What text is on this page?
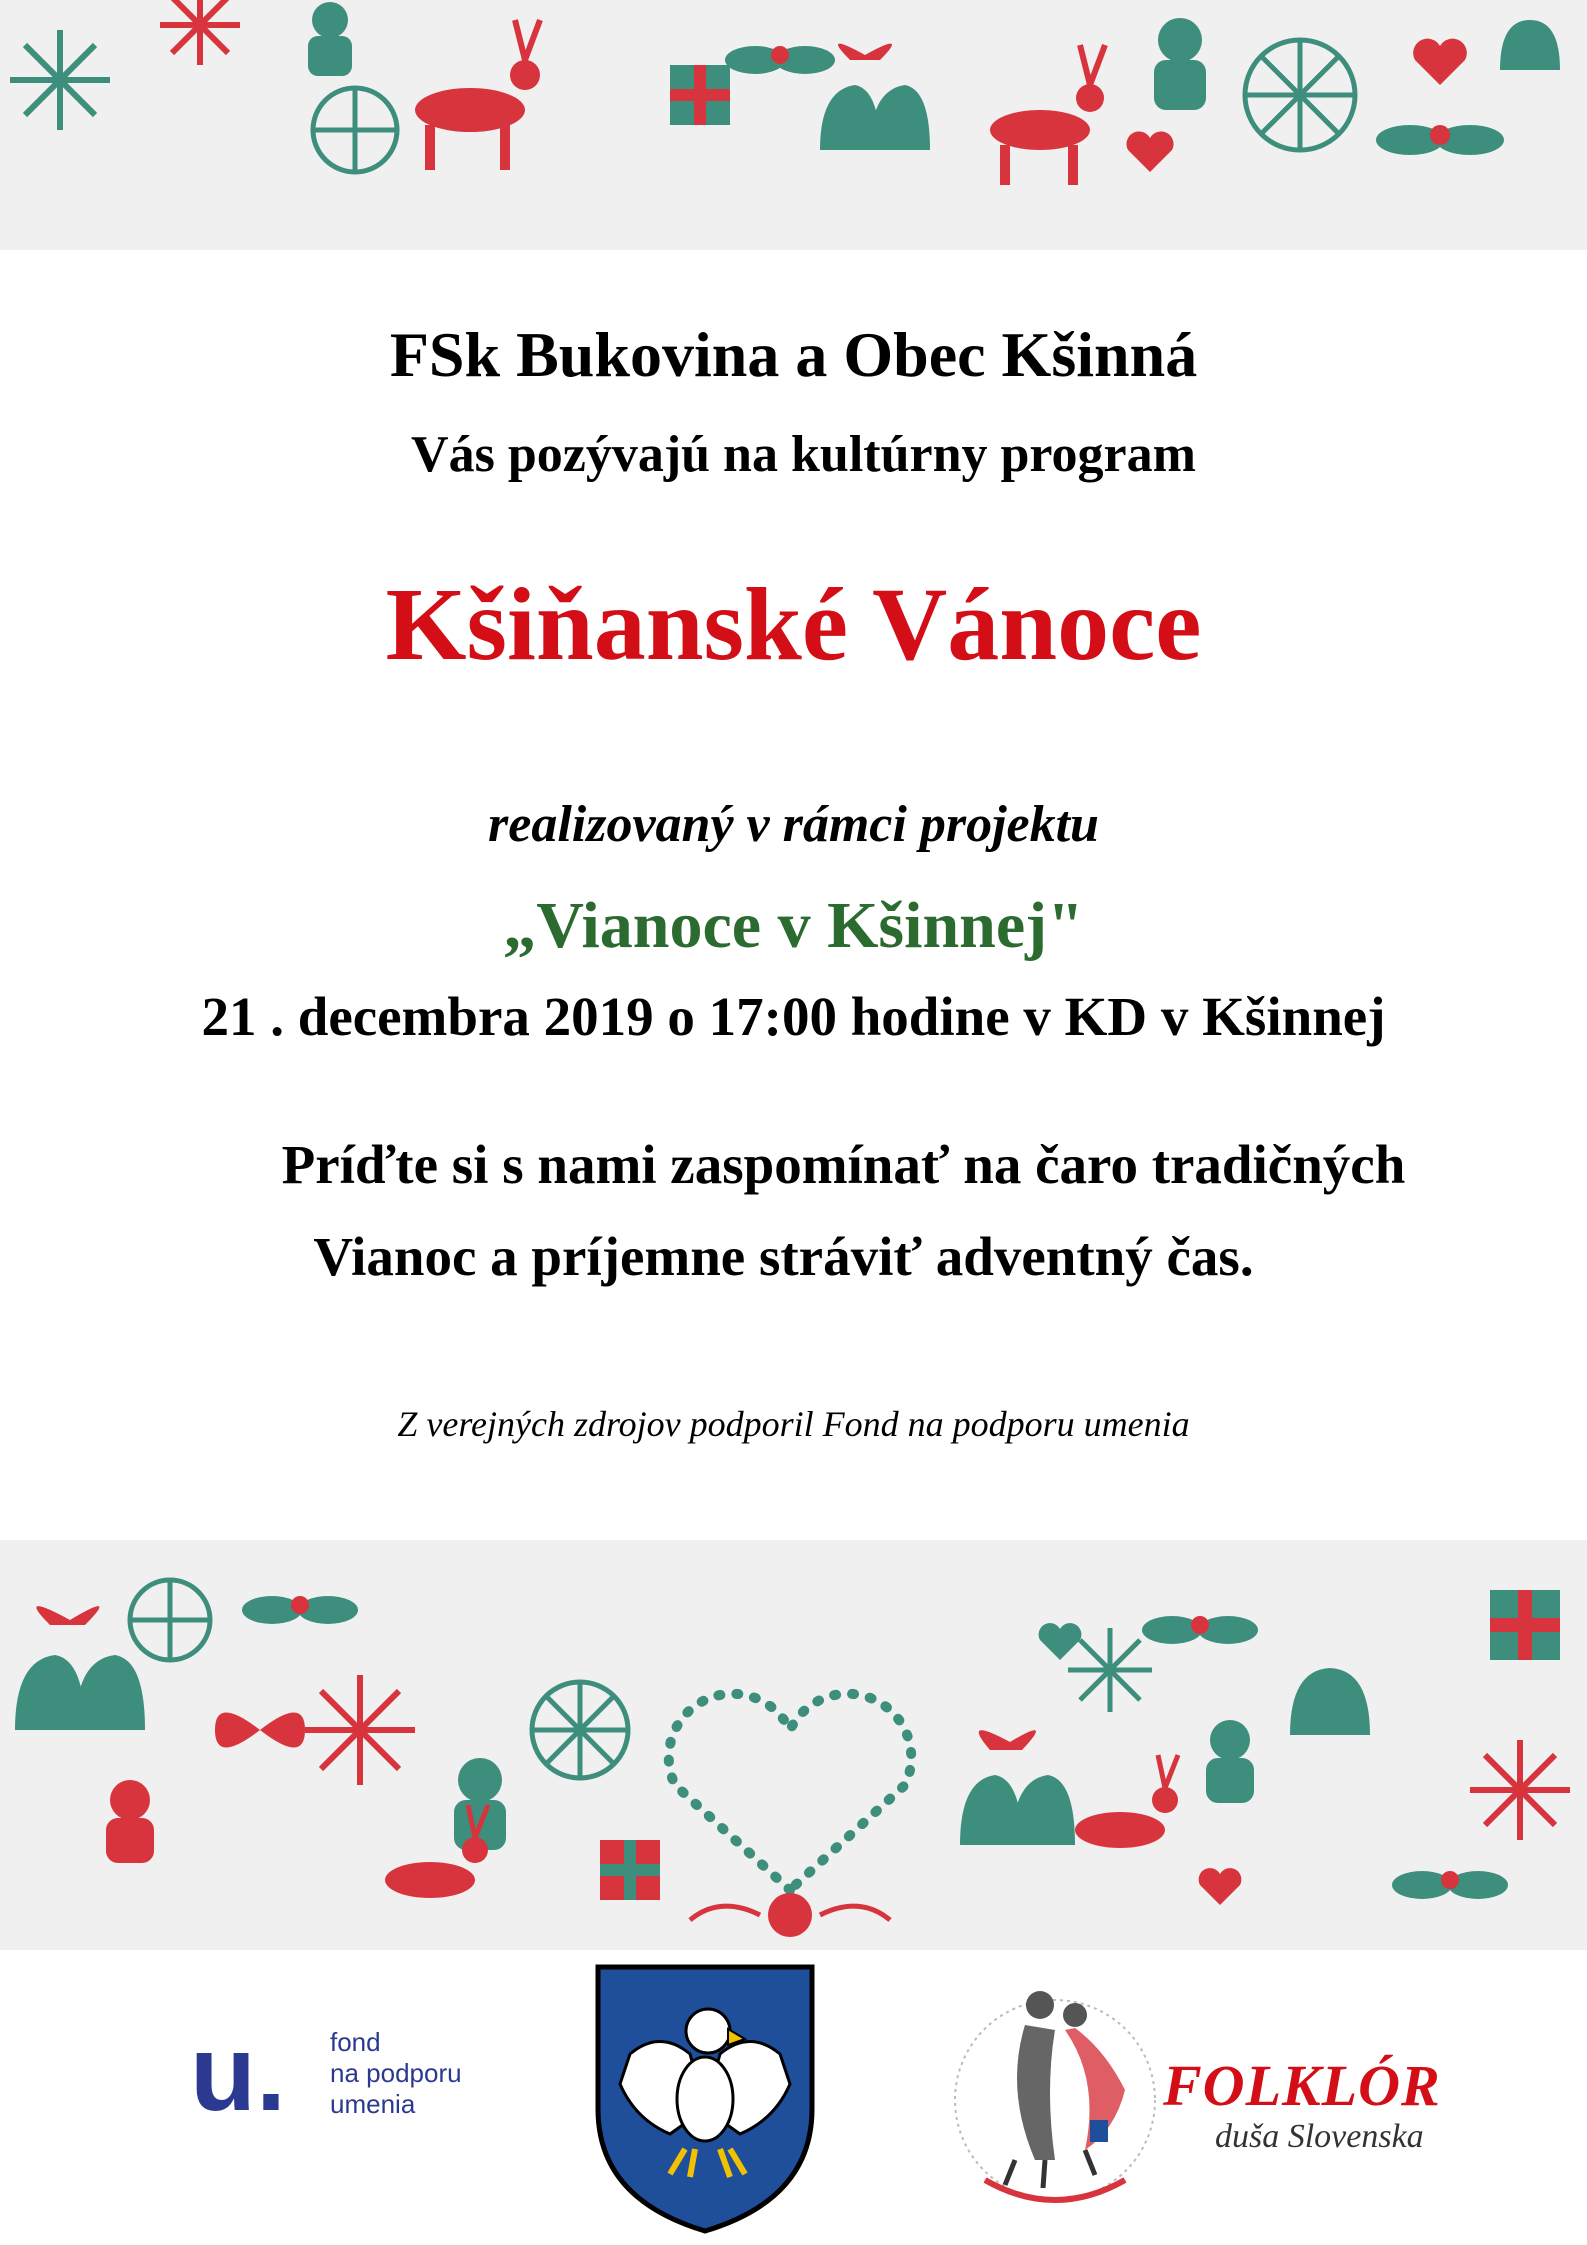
FSk Bukovina a Obec Kšinná

Vás pozývajú na kultúrny program

Kšiňanské Vánoce

realizovaný v rámci projektu

„Vianoce v Kšinnej"

21 . decembra 2019 o 17:00 hodine v KD v Kšinnej

Príďte si s nami zaspomínať na čaro tradičných

Vianoc a príjemne stráviť adventný čas.

Z verejných zdrojov podporil Fond na podporu umenia

u. fond
na podporu
umenia	FOLKLÓR
duša Slovenska
